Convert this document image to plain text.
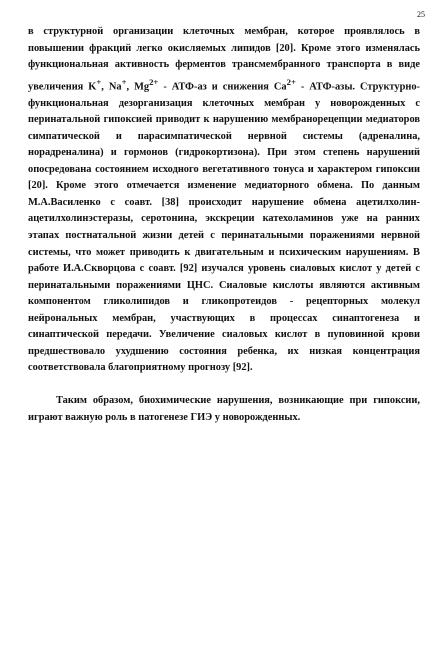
25

в структурной организации клеточных мембран, которое проявлялось в повышении фракций легко окисляемых липидов [20]. Кроме этого изменялась функциональная активность ферментов трансмембранного транспорта в виде увеличения K+, Na+, $Mg^{2+} - АТФ-аз$ и снижения $Ca^{2+} - АТФ-азы$. Структурно-функциональная дезорганизация клеточных мембран у новорожденных с перинатальной гипоксией приводит к нарушению мембранорецепции медиаторов симпатической и парасимпатической нервной системы (адреналина, норадреналина) и гормонов (гидрокортизона). При этом степень нарушений опосредована состоянием исходного вегетативного тонуса и характером гипоксии [20]. Кроме этого отмечается изменение медиаторного обмена. По данным М.А.Василенко с соавт. [38] происходит нарушение обмена ацетилхолин-ацетилхолинэстеразы, серотонина, экскреции катехоламинов уже на ранних этапах постнатальной жизни детей с перинатальными поражениями нервной системы, что может приводить к двигательным и психическим нарушениям. В работе И.А.Скворцова с соавт. [92] изучался уровень сиаловых кислот у детей с перинатальными поражениями ЦНС. Сиаловые кислоты являются активным компонентом гликолипидов и гликопротеидов - рецепторных молекул нейрональных мембран, участвующих в процессах синаптогенеза и синаптической передачи. Увеличение сиаловых кислот в пуповинной крови предшествовало ухудшению состояния ребенка, их низкая концентрация соответствовала благоприятному прогнозу [92].

Таким образом, биохимические нарушения, возникающие при гипоксии, играют важную роль в патогенезе ГИЭ у новорожденных.
